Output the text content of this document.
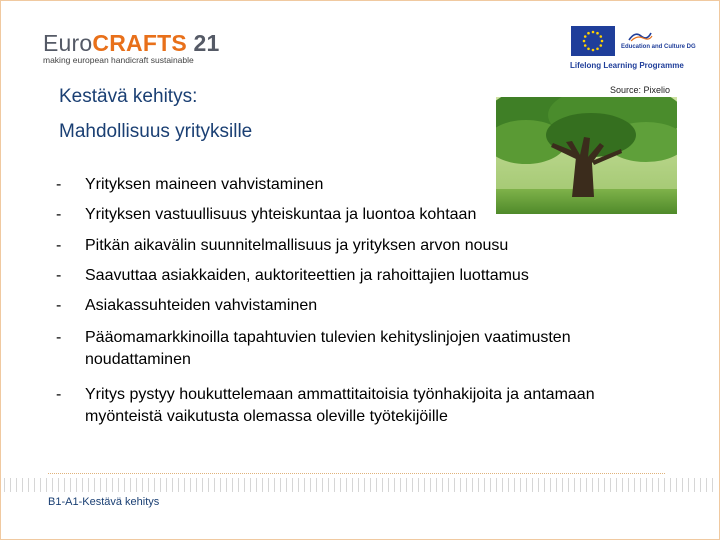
EuroCRAFTS 21
making european handicraft sustainable
Education and Culture DG
Lifelong Learning Programme
Source: Pixelio
Kestävä kehitys:
Mahdollisuus yrityksille
- Yrityksen maineen vahvistaminen
- Yrityksen vastuullisuus yhteiskuntaa ja luontoa kohtaan
- Pitkän aikavälin suunnitelmallisuus ja yrityksen arvon nousu
- Saavuttaa asiakkaiden, auktoriteettien ja rahoittajien luottamus
- Asiakassuhteiden vahvistaminen
- Pääomamarkkinoilla tapahtuvien tulevien kehityslinjojen vaatimusten noudattaminen
- Yritys pystyy houkuttelemaan ammattitaitoisia työnhakijoita ja antamaan myönteistä vaikutusta olemassa oleville työtekijöille
B1-A1-Kestävä kehitys
